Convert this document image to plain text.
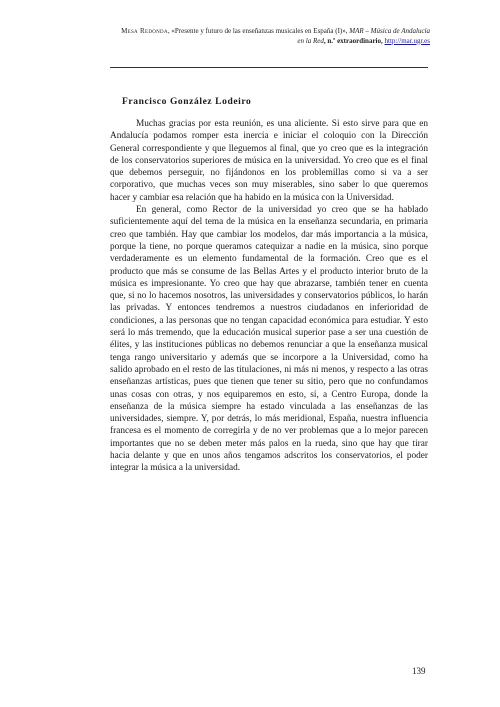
Mesa Redonda, «Presente y futuro de las enseñanzas musicales en España (I)», MAR – Música de Andalucía en la Red, n.º extraordinario, http://mar.ugr.es
Francisco González Lodeiro

Muchas gracias por esta reunión, es una aliciente. Si esto sirve para que en Andalucía podamos romper esta inercia e iniciar el coloquio con la Dirección General correspondiente y que lleguemos al final, que yo creo que es la integración de los conservatorios superiores de música en la universidad. Yo creo que es el final que debemos perseguir, no fijándonos en los problemillas como si va a ser corporativo, que muchas veces son muy miserables, sino saber lo que queremos hacer y cambiar esa relación que ha habido en la música con la Universidad.

En general, como Rector de la universidad yo creo que se ha hablado suficientemente aquí del tema de la música en la enseñanza secundaria, en primaria creo que también. Hay que cambiar los modelos, dar más importancia a la música, porque la tiene, no porque queramos catequizar a nadie en la música, sino porque verdaderamente es un elemento fundamental de la formación. Creo que es el producto que más se consume de las Bellas Artes y el producto interior bruto de la música es impresionante. Yo creo que hay que abrazarse, también tener en cuenta que, si no lo hacemos nosotros, las universidades y conservatorios públicos, lo harán las privadas. Y entonces tendremos a nuestros ciudadanos en inferioridad de condiciones, a las personas que no tengan capacidad económica para estudiar. Y esto será lo más tremendo, que la educación musical superior pase a ser una cuestión de élites, y las instituciones públicas no debemos renunciar a que la enseñanza musical tenga rango universitario y además que se incorpore a la Universidad, como ha salido aprobado en el resto de las titulaciones, ni más ni menos, y respecto a las otras enseñanzas artísticas, pues que tienen que tener su sitio, pero que no confundamos unas cosas con otras, y nos equiparemos en esto, sí, a Centro Europa, donde la enseñanza de la música siempre ha estado vinculada a las enseñanzas de las universidades, siempre. Y, por detrás, lo más meridional, España, nuestra influencia francesa es el momento de corregirla y de no ver problemas que a lo mejor parecen importantes que no se deben meter más palos en la rueda, sino que hay que tirar hacia delante y que en unos años tengamos adscritos los conservatorios, el poder integrar la música a la universidad.

139
